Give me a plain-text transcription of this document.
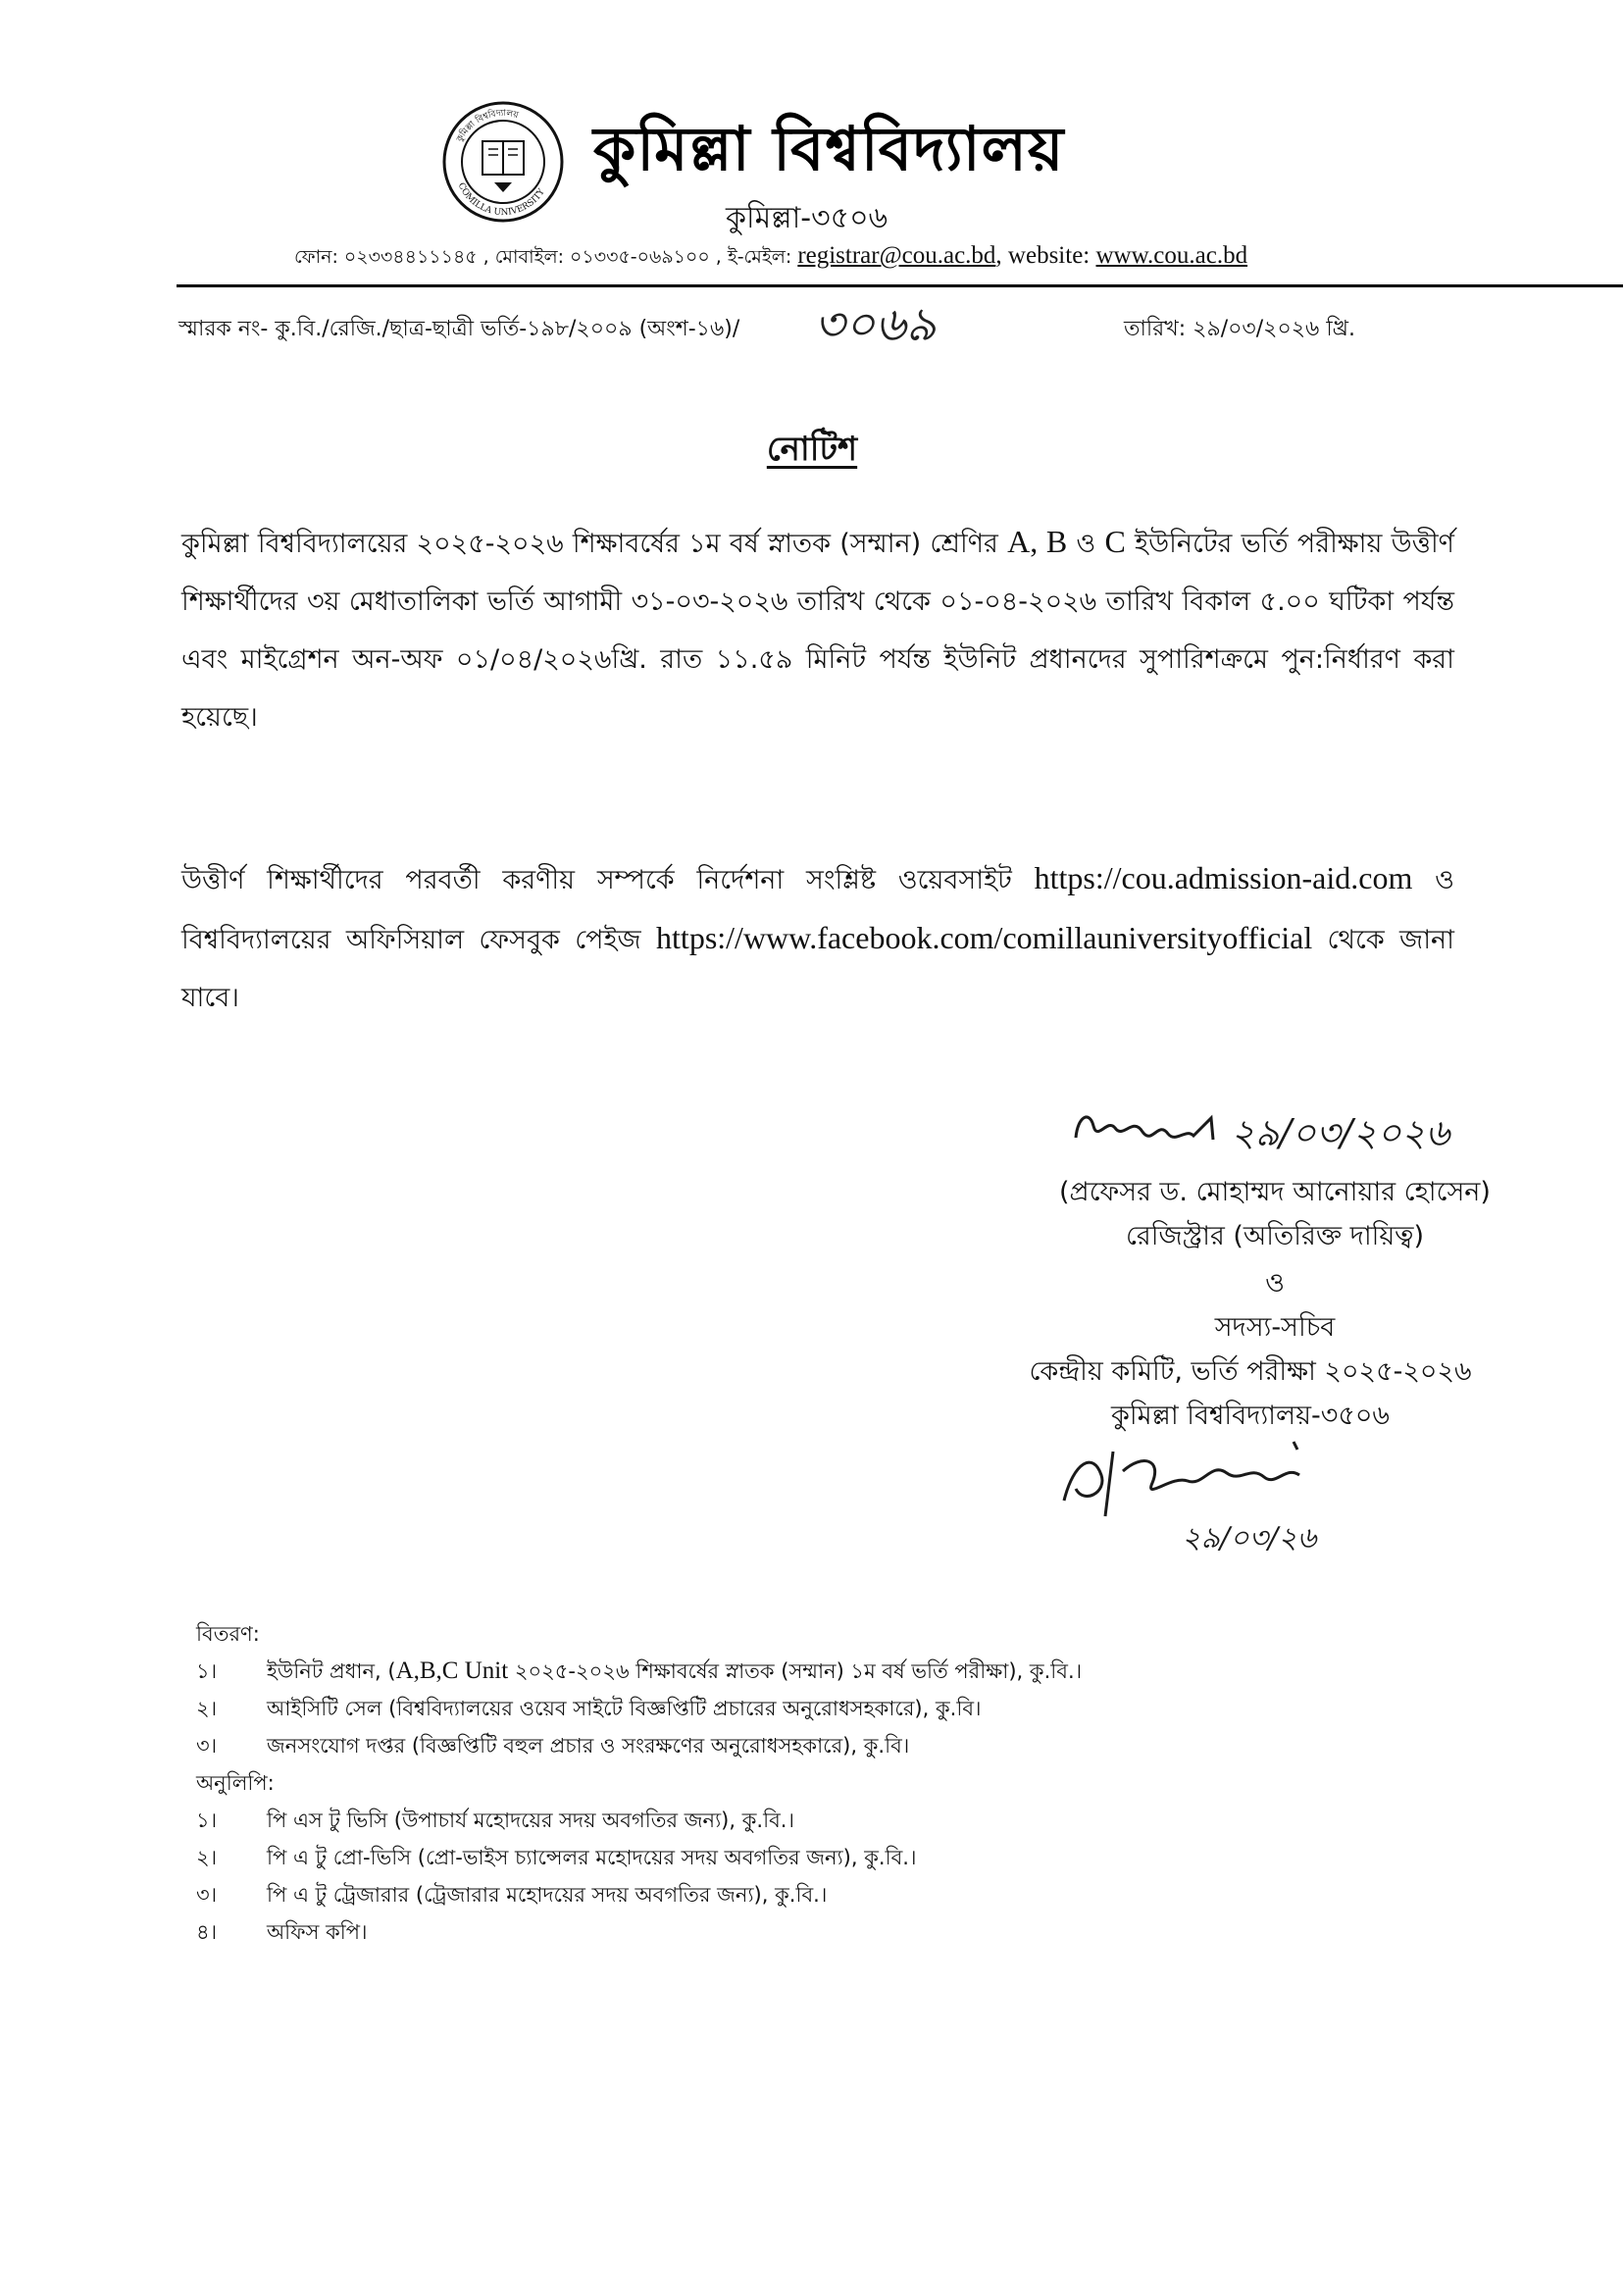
কুমিল্লা বিশ্ববিদ্যালয়
COMILLA UNIVERSITY
কুমিল্লা বিশ্ববিদ্যালয়
কুমিল্লা-৩৫০৬
ফোন: ০২৩৩৪৪১১১৪৫ , মোবাইল: ০১৩৩৫-০৬৯১০০ , ই-মেইল: registrar@cou.ac.bd, website: www.cou.ac.bd
স্মারক নং- কু.বি./রেজি./ছাত্র-ছাত্রী ভর্তি-১৯৮/২০০৯ (অংশ-১৬)/ ৩০৬৯	তারিখ: ২৯/০৩/২০২৬ খ্রি.
নোটিশ
কুমিল্লা বিশ্ববিদ্যালয়ের ২০২৫-২০২৬ শিক্ষাবর্ষের ১ম বর্ষ স্নাতক (সম্মান) শ্রেণির A, B ও C ইউনিটের ভর্তি পরীক্ষায় উত্তীর্ণ শিক্ষার্থীদের ৩য় মেধাতালিকা ভর্তি আগামী ৩১-০৩-২০২৬ তারিখ থেকে ০১-০৪-২০২৬ তারিখ বিকাল ৫.০০ ঘটিকা পর্যন্ত এবং মাইগ্রেশন অন-অফ ০১/০৪/২০২৬খ্রি. রাত ১১.৫৯ মিনিট পর্যন্ত ইউনিট প্রধানদের সুপারিশক্রমে পুন:নির্ধারণ করা হয়েছে।
উত্তীর্ণ শিক্ষার্থীদের পরবর্তী করণীয় সম্পর্কে নির্দেশনা সংশ্লিষ্ট ওয়েবসাইট https://cou.admission-aid.com ও বিশ্ববিদ্যালয়ের অফিসিয়াল ফেসবুক পেইজ https://www.facebook.com/comillauniversityofficial থেকে জানা যাবে।
২৯/০৩/২০২৬
(প্রফেসর ড. মোহাম্মদ আনোয়ার হোসেন)
রেজিস্ট্রার (অতিরিক্ত দায়িত্ব)
ও
সদস্য-সচিব
কেন্দ্রীয় কমিটি, ভর্তি পরীক্ষা ২০২৫-২০২৬
কুমিল্লা বিশ্ববিদ্যালয়-৩৫০৬
২৯/০৩/২৬
বিতরণ:
১। ইউনিট প্রধান, (A,B,C Unit ২০২৫-২০২৬ শিক্ষাবর্ষের স্নাতক (সম্মান) ১ম বর্ষ ভর্তি পরীক্ষা), কু.বি.।
২। আইসিটি সেল (বিশ্ববিদ্যালয়ের ওয়েব সাইটে বিজ্ঞপ্তিটি প্রচারের অনুরোধসহকারে), কু.বি।
৩। জনসংযোগ দপ্তর (বিজ্ঞপ্তিটি বহুল প্রচার ও সংরক্ষণের অনুরোধসহকারে), কু.বি।
অনুলিপি:
১। পি এস টু ভিসি (উপাচার্য মহোদয়ের সদয় অবগতির জন্য), কু.বি.।
২। পি এ টু প্রো-ভিসি (প্রো-ভাইস চ্যান্সেলর মহোদয়ের সদয় অবগতির জন্য), কু.বি.।
৩। পি এ টু ট্রেজারার (ট্রেজারার মহোদয়ের সদয় অবগতির জন্য), কু.বি.।
৪। অফিস কপি।
